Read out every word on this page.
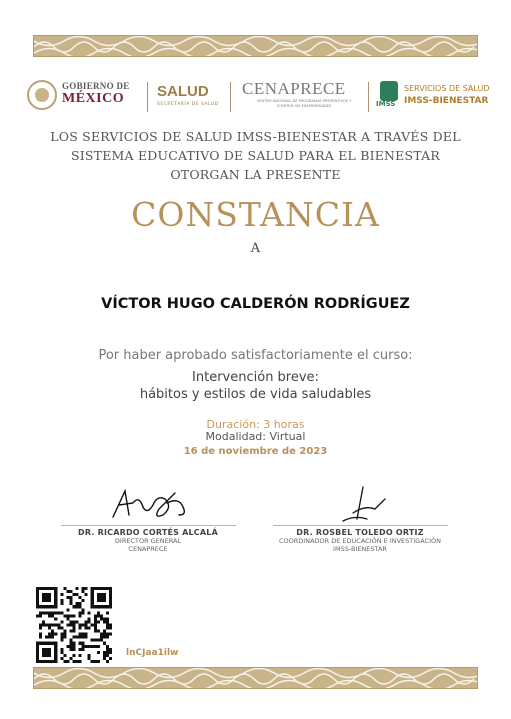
GOBIERNO DE
MÉXICO SALUD
SECRETARÍA DE SALUD
CENAPRECE
CENTRO NACIONAL DE PROGRAMAS PREVENTIVOS Y CONTROL DE ENFERMEDADES	IMSS
SERVICIOS DE SALUD
IMSS-BIENESTAR
LOS SERVICIOS DE SALUD IMSS-BIENESTAR A TRAVÉS DEL
SISTEMA EDUCATIVO DE SALUD PARA EL BIENESTAR
OTORGAN LA PRESENTE
CONSTANCIA
A
VÍCTOR HUGO CALDERÓN RODRÍGUEZ
Por haber aprobado satisfactoriamente el curso:
Intervención breve:
hábitos y estilos de vida saludables
Duración: 3 horas
Modalidad: Virtual
16 de noviembre de 2023
DR. RICARDO CORTÉS ALCALÁ
DIRECTOR GENERAL
CENAPRECE
DR. ROSBEL TOLEDO ORTIZ
COORDINADOR DE EDUCACIÓN E INVESTIGACIÓN
IMSS-BIENESTAR
lnCJaa1ilw
